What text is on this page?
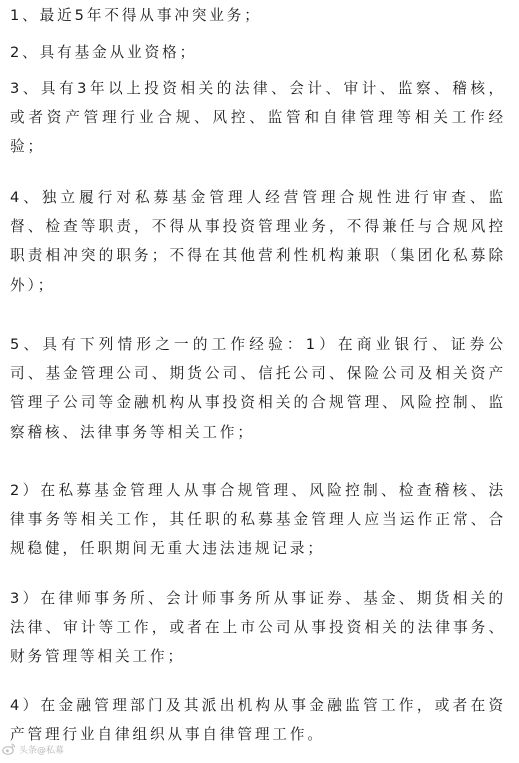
1、最近5年不得从事冲突业务；
2、具有基金从业资格；
3、具有3年以上投资相关的法律、会计、审计、监察、稽核，或者资产管理行业合规、风控、监管和自律管理等相关工作经验；
4、独立履行对私募基金管理人经营管理合规性进行审查、监督、检查等职责，不得从事投资管理业务，不得兼任与合规风控职责相冲突的职务；不得在其他营利性机构兼职（集团化私募除外）；
5、具有下列情形之一的工作经验：1）在商业银行、证券公司、基金管理公司、期货公司、信托公司、保险公司及相关资产管理子公司等金融机构从事投资相关的合规管理、风险控制、监察稽核、法律事务等相关工作；
2）在私募基金管理人从事合规管理、风险控制、检查稽核、法律事务等相关工作，其任职的私募基金管理人应当运作正常、合规稳健，任职期间无重大违法违规记录；
3）在律师事务所、会计师事务所从事证券、基金、期货相关的法律、审计等工作，或者在上市公司从事投资相关的法律事务、财务管理等相关工作；
4）在金融管理部门及其派出机构从事金融监管工作，或者在资产管理行业自律组织从事自律管理工作。
头条@私募
